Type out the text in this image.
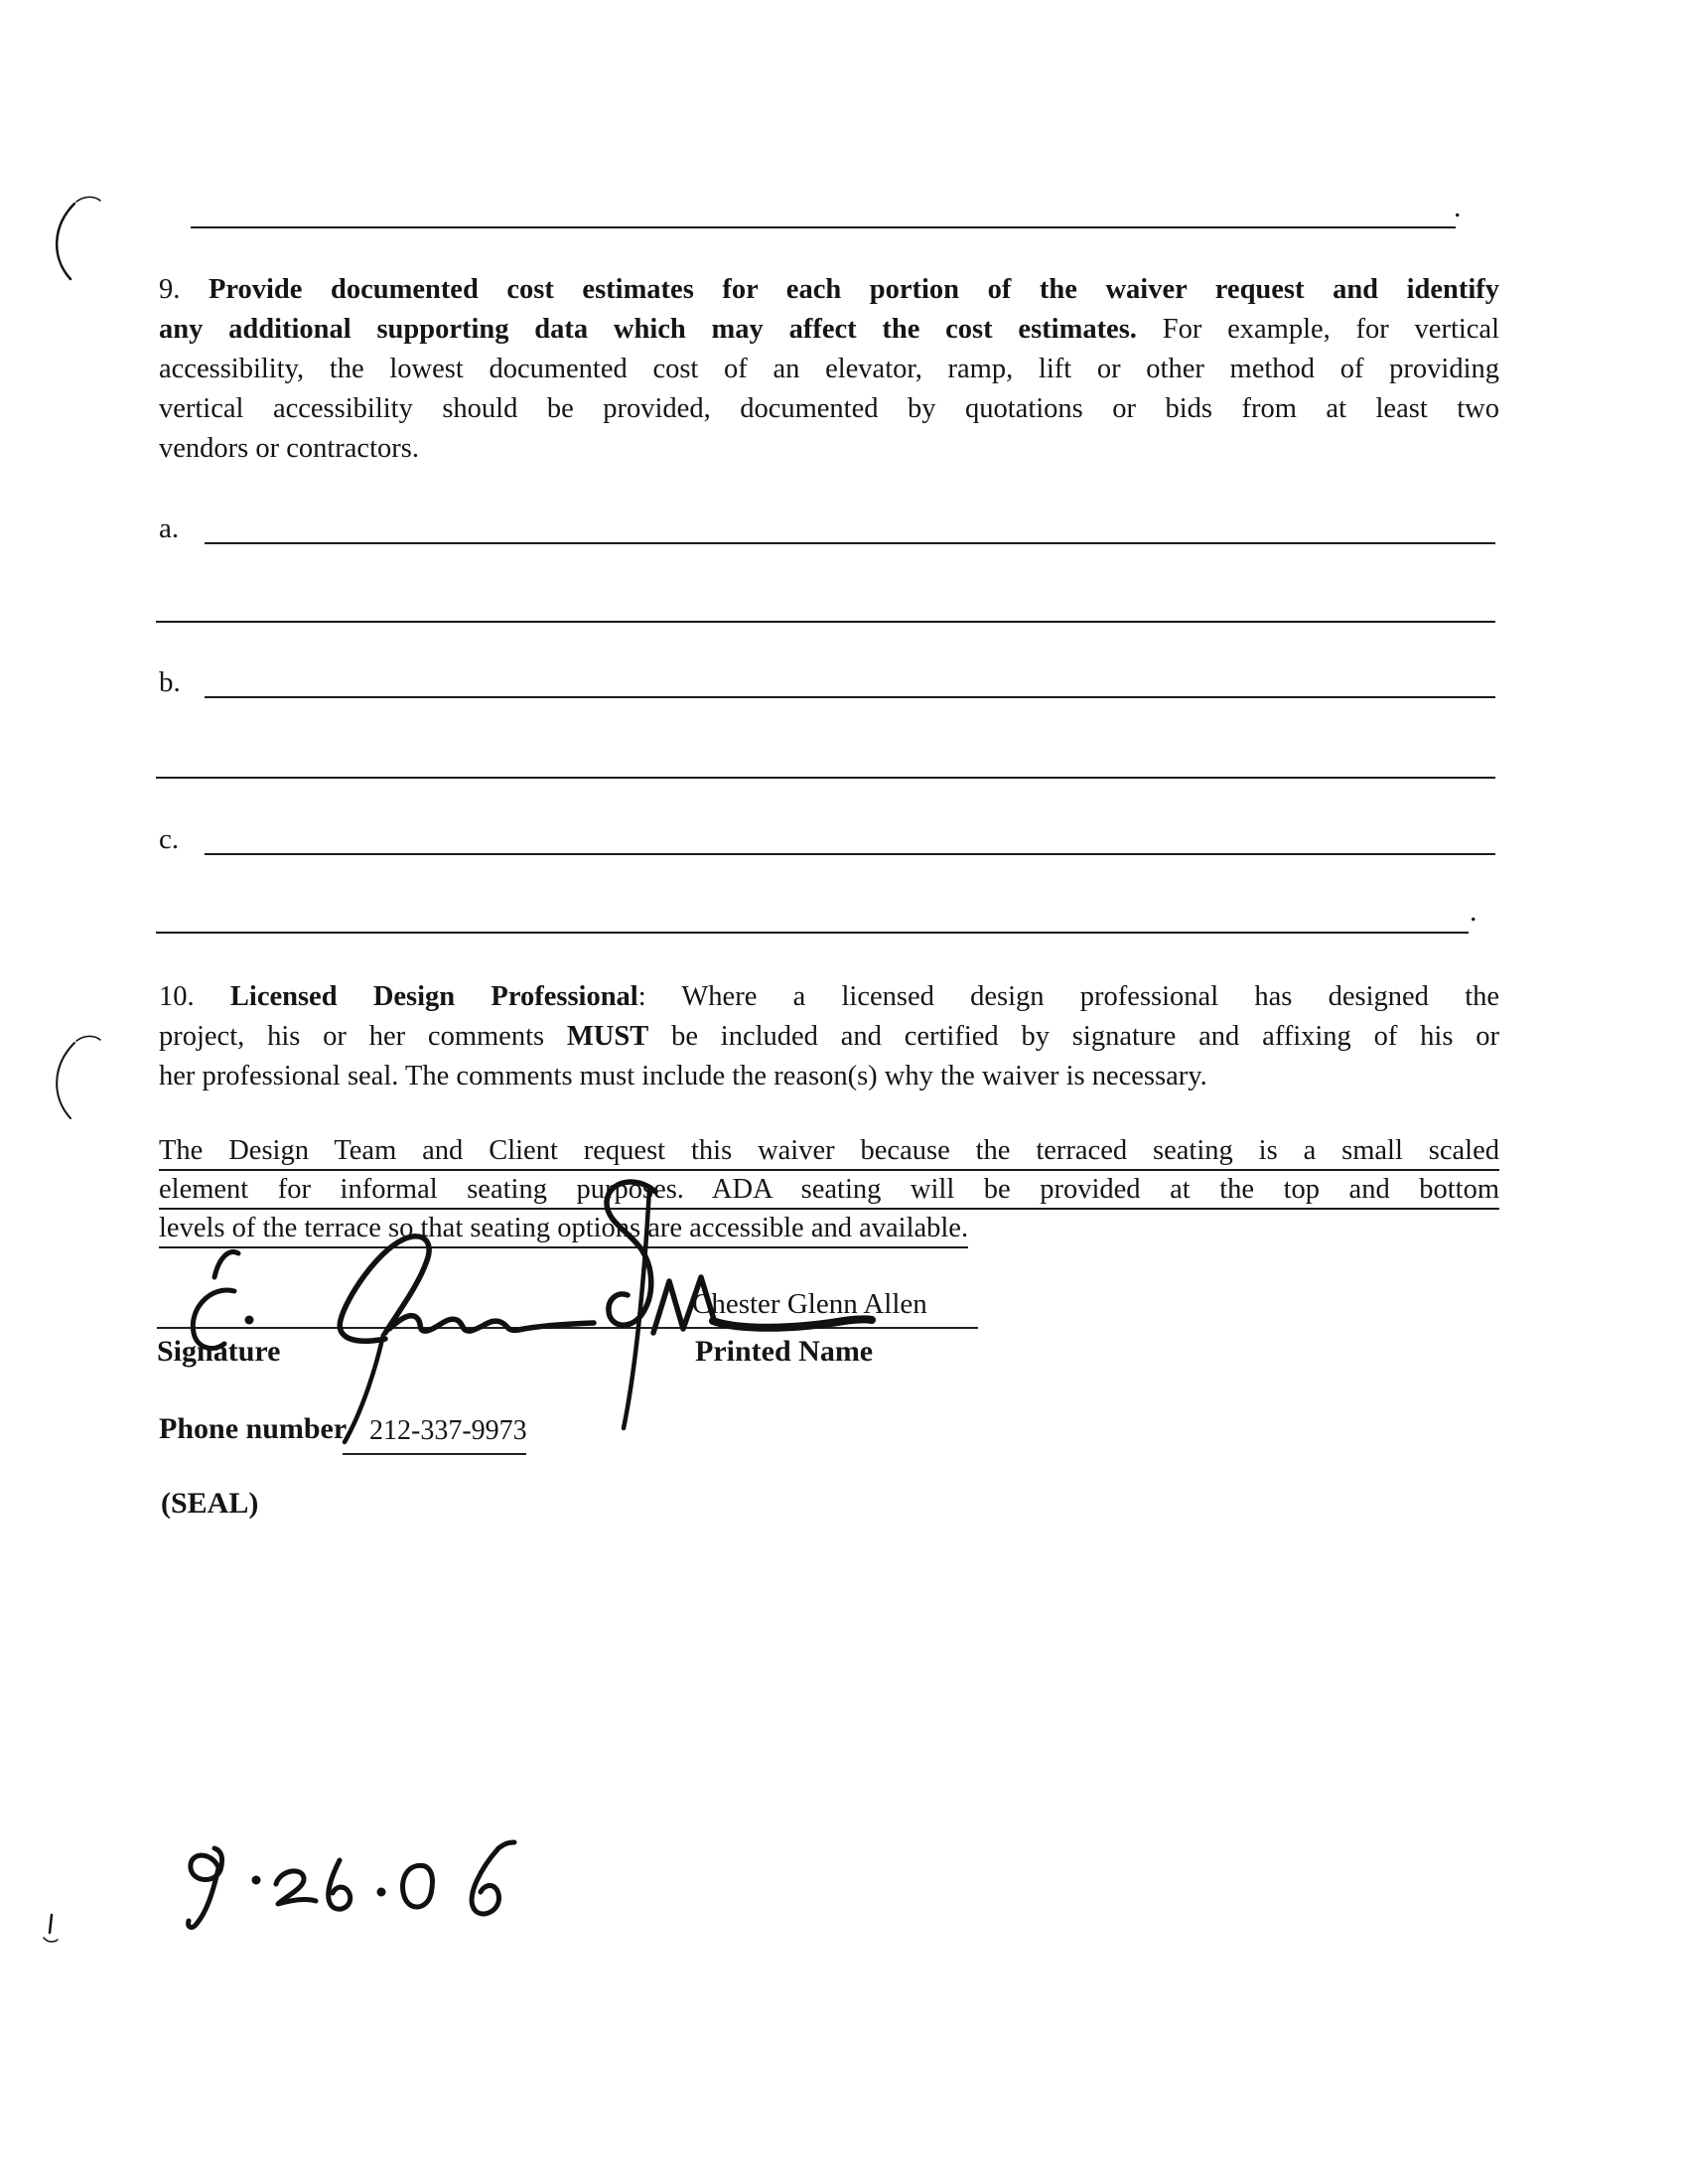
.
9. Provide documented cost estimates for each portion of the waiver request and identify
any additional supporting data which may affect the cost estimates. For example, for vertical
accessibility, the lowest documented cost of an elevator, ramp, lift or other method of providing
vertical accessibility should be provided, documented by quotations or bids from at least two
vendors or contractors.
a.
b.
c.
.
10. Licensed Design Professional: Where a licensed design professional has designed the
project, his or her comments MUST be included and certified by signature and affixing of his or
her professional seal. The comments must include the reason(s) why the waiver is necessary.
The Design Team and Client request this waiver because the terraced seating is a small scaled
element for informal seating purposes. ADA seating will be provided at the top and bottom
levels of the terrace so that seating options are accessible and available.
Chester Glenn Allen
Signature	Printed Name
Phone number 212-337-9973
(SEAL)
